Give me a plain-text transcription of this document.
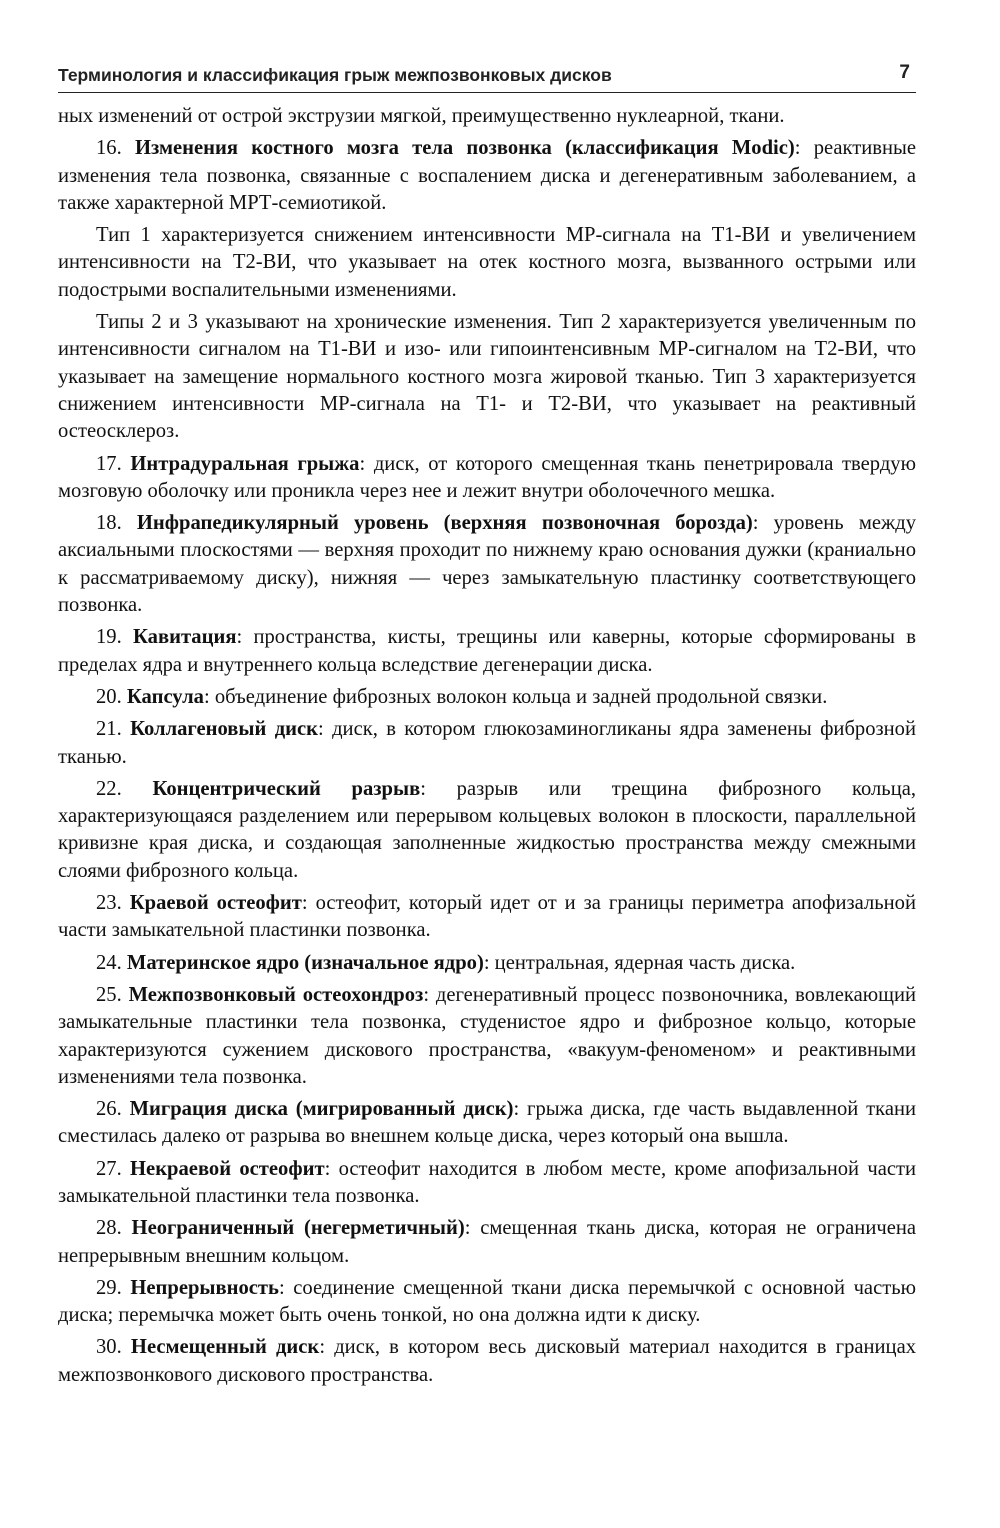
Терминология и классификация грыж межпозвонковых дисков	7

ных изменений от острой экструзии мягкой, преимущественно нуклеарной, ткани.

16. Изменения костного мозга тела позвонка (классификация Modic): реактивные изменения тела позвонка, связанные с воспалением диска и дегенеративным заболеванием, а также характерной МРТ-семиотикой.

Тип 1 характеризуется снижением интенсивности МР-сигнала на Т1-ВИ и увеличением интенсивности на Т2-ВИ, что указывает на отек костного мозга, вызванного острыми или подострыми воспалительными изменениями.

Типы 2 и 3 указывают на хронические изменения. Тип 2 характеризуется увеличенным по интенсивности сигналом на Т1-ВИ и изо- или гипоинтенсивным МР-сигналом на Т2-ВИ, что указывает на замещение нормального костного мозга жировой тканью. Тип 3 характеризуется снижением интенсивности МР-сигнала на Т1- и Т2-ВИ, что указывает на реактивный остеосклероз.

17. Интрадуральная грыжа: диск, от которого смещенная ткань пенетрировала твердую мозговую оболочку или проникла через нее и лежит внутри оболочечного мешка.

18. Инфрапедикулярный уровень (верхняя позвоночная борозда): уровень между аксиальными плоскостями — верхняя проходит по нижнему краю основания дужки (краниально к рассматриваемому диску), нижняя — через замыкательную пластинку соответствующего позвонка.

19. Кавитация: пространства, кисты, трещины или каверны, которые сформированы в пределах ядра и внутреннего кольца вследствие дегенерации диска.

20. Капсула: объединение фиброзных волокон кольца и задней продольной связки.

21. Коллагеновый диск: диск, в котором глюкозаминогликаны ядра заменены фиброзной тканью.

22. Концентрический разрыв: разрыв или трещина фиброзного кольца, характеризующаяся разделением или перерывом кольцевых волокон в плоскости, параллельной кривизне края диска, и создающая заполненные жидкостью пространства между смежными слоями фиброзного кольца.

23. Краевой остеофит: остеофит, который идет от и за границы периметра апофизальной части замыкательной пластинки позвонка.

24. Материнское ядро (изначальное ядро): центральная, ядерная часть диска.

25. Межпозвонковый остеохондроз: дегенеративный процесс позвоночника, вовлекающий замыкательные пластинки тела позвонка, студенистое ядро и фиброзное кольцо, которые характеризуются сужением дискового пространства, «вакуум-феноменом» и реактивными изменениями тела позвонка.

26. Миграция диска (мигрированный диск): грыжа диска, где часть выдавленной ткани сместилась далеко от разрыва во внешнем кольце диска, через который она вышла.

27. Некраевой остеофит: остеофит находится в любом месте, кроме апофизальной части замыкательной пластинки тела позвонка.

28. Неограниченный (негерметичный): смещенная ткань диска, которая не ограничена непрерывным внешним кольцом.

29. Непрерывность: соединение смещенной ткани диска перемычкой с основной частью диска; перемычка может быть очень тонкой, но она должна идти к диску.

30. Несмещенный диск: диск, в котором весь дисковый материал находится в границах межпозвонкового дискового пространства.
